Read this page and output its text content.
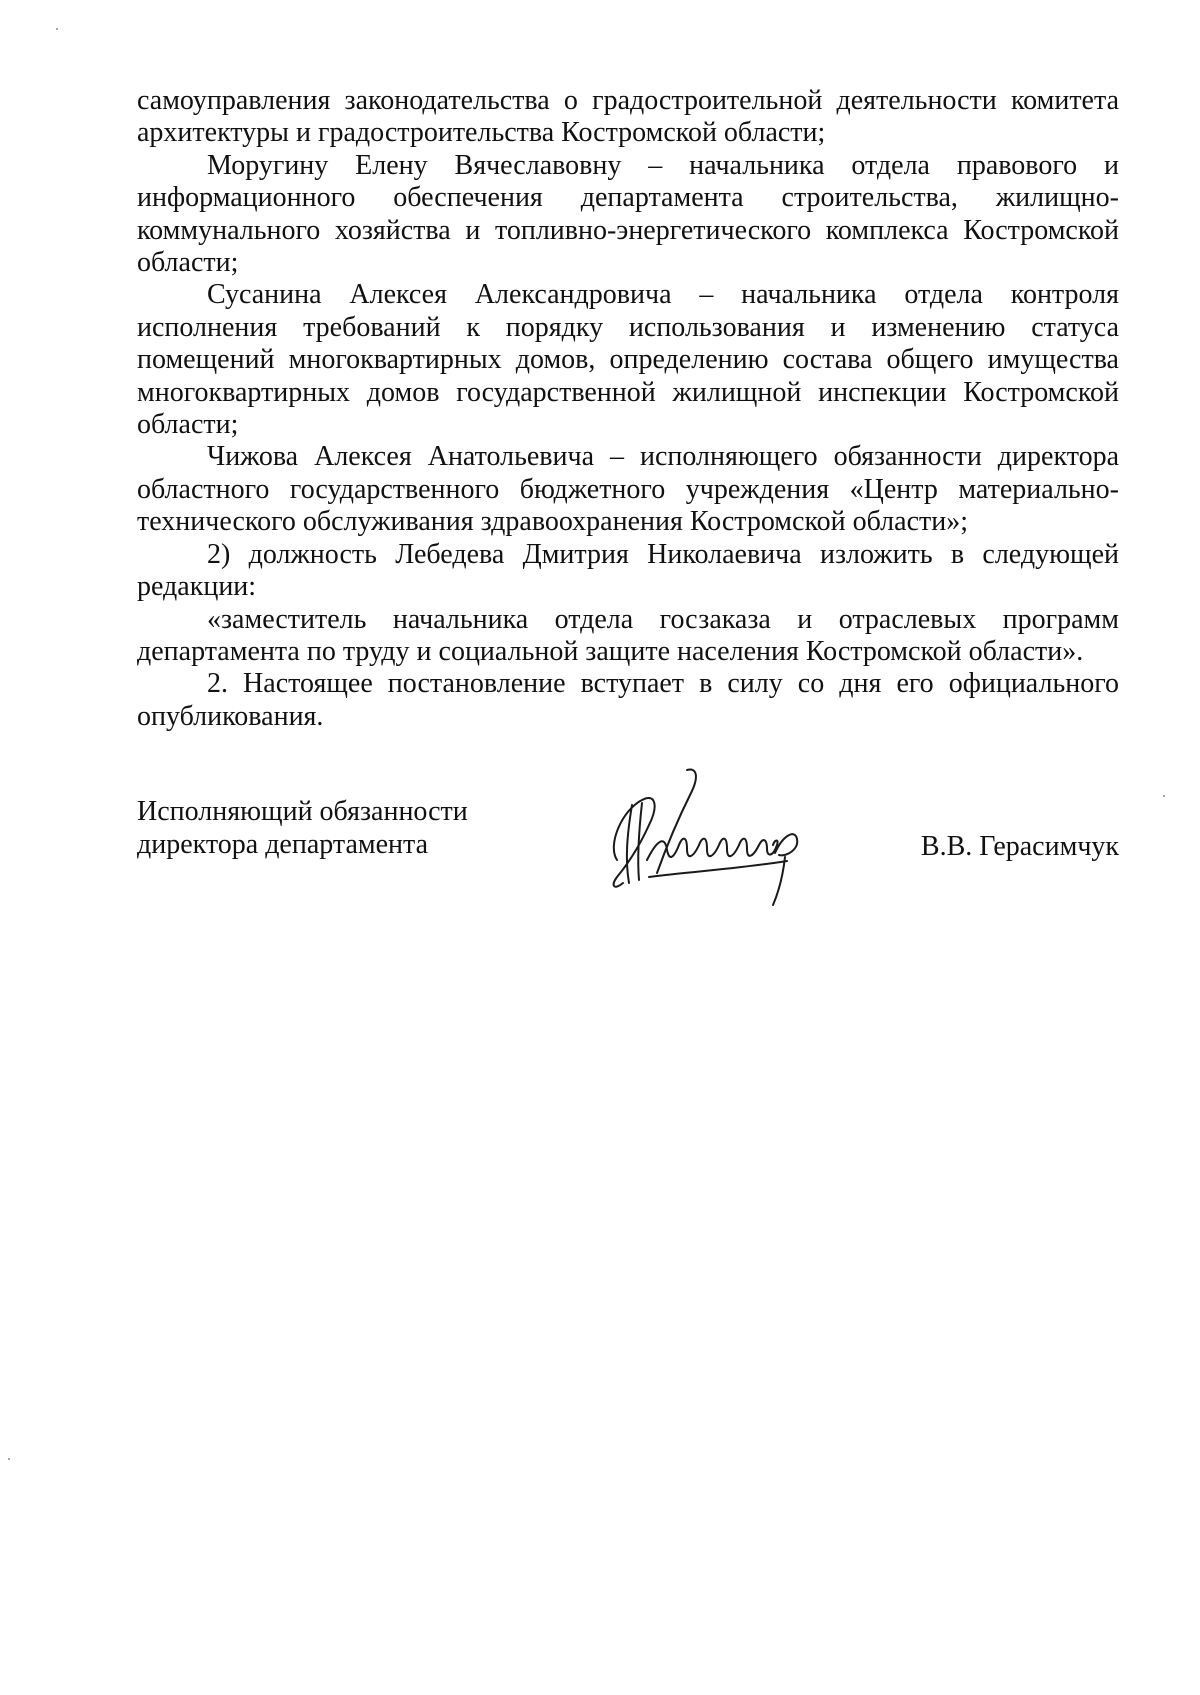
самоуправления законодательства о градостроительной деятельности комитета архитектуры и градостроительства Костромской области;

Моругину Елену Вячеславовну – начальника отдела правового и информационного обеспечения департамента строительства, жилищно-коммунального хозяйства и топливно-энергетического комплекса Костромской области;

Сусанина Алексея Александровича – начальника отдела контроля исполнения требований к порядку использования и изменению статуса помещений многоквартирных домов, определению состава общего имущества многоквартирных домов государственной жилищной инспекции Костромской области;

Чижова Алексея Анатольевича – исполняющего обязанности директора областного государственного бюджетного учреждения «Центр материально-технического обслуживания здравоохранения Костромской области»;

2) должность Лебедева Дмитрия Николаевича изложить в следующей редакции:

«заместитель начальника отдела госзаказа и отраслевых программ департамента по труду и социальной защите населения Костромской области».

2. Настоящее постановление вступает в силу со дня его официального опубликования.

Исполняющий обязанности
директора департамента	В.В. Герасимчук
